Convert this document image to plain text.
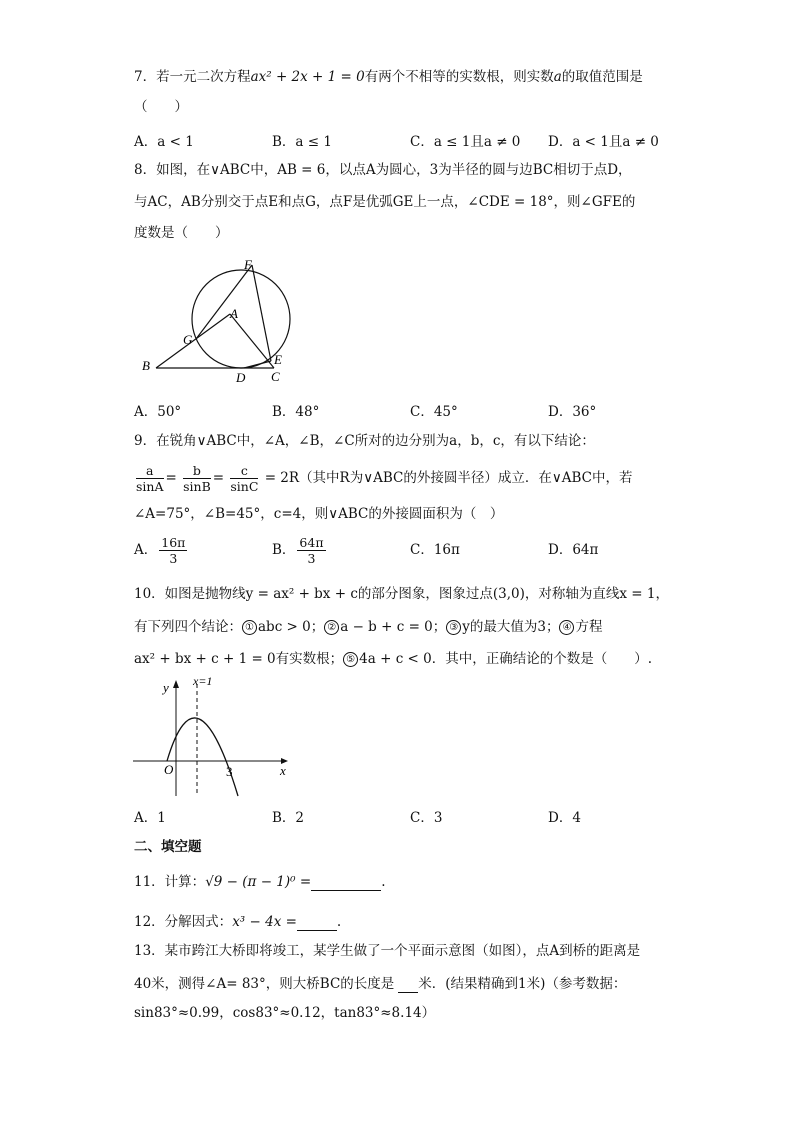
7．若一元二次方程ax² + 2x + 1 = 0有两个不相等的实数根，则实数a的取值范围是
（　　）
A．a < 1	B．a ≤ 1	C．a ≤ 1且a ≠ 0 D．a < 1且a ≠ 0
8．如图，在∨ABC中，AB = 6，以点A为圆心，3为半径的圆与边BC相切于点D，
与AC，AB分别交于点E和点G，点F是优弧GE上一点，∠CDE = 18°，则∠GFE的
度数是（　　）
F
A
G
B
D
E
C
A．50°	B．48°	C．45°	D．36°
9．在锐角∨ABC中，∠A，∠B，∠C所对的边分别为a，b，c，有以下结论：
$\frac{a}{\sin A} = \frac{b}{\sin B} = \frac{c}{\sin C} = 2R$（其中R为∨ABC的外接圆半径）成立．在∨ABC中，若
∠A=75°，∠B=45°，c=4，则∨ABC的外接圆面积为（　）
A． $\frac{16\pi}{3}$	B． $\frac{64\pi}{3}$	C．16π	D．64π
10．如图是抛物线y = ax² + bx + c的部分图象，图象过点(3,0)，对称轴为直线x = 1，
有下列四个结论： ① abc > 0； ② a − b + c = 0； ③ y的最大值为3； ④ 方程
ax² + bx + c + 1 = 0有实数根； ⑤ 4a + c < 0．其中，正确结论的个数是（　　）.
y
x
x=1
O	3
A．1	B．2	C．3	D．4
二、填空题
11．计算：√9 − (π − 1)⁰ =	.
12．分解因式：x³ − 4x =	.
13．某市跨江大桥即将竣工，某学生做了一个平面示意图（如图），点A到桥的距离是
40米，测得∠A= 83°，则大桥BC的长度是 米．(结果精确到1米)（参考数据：
sin83°≈0.99，cos83°≈0.12，tan83°≈8.14）
